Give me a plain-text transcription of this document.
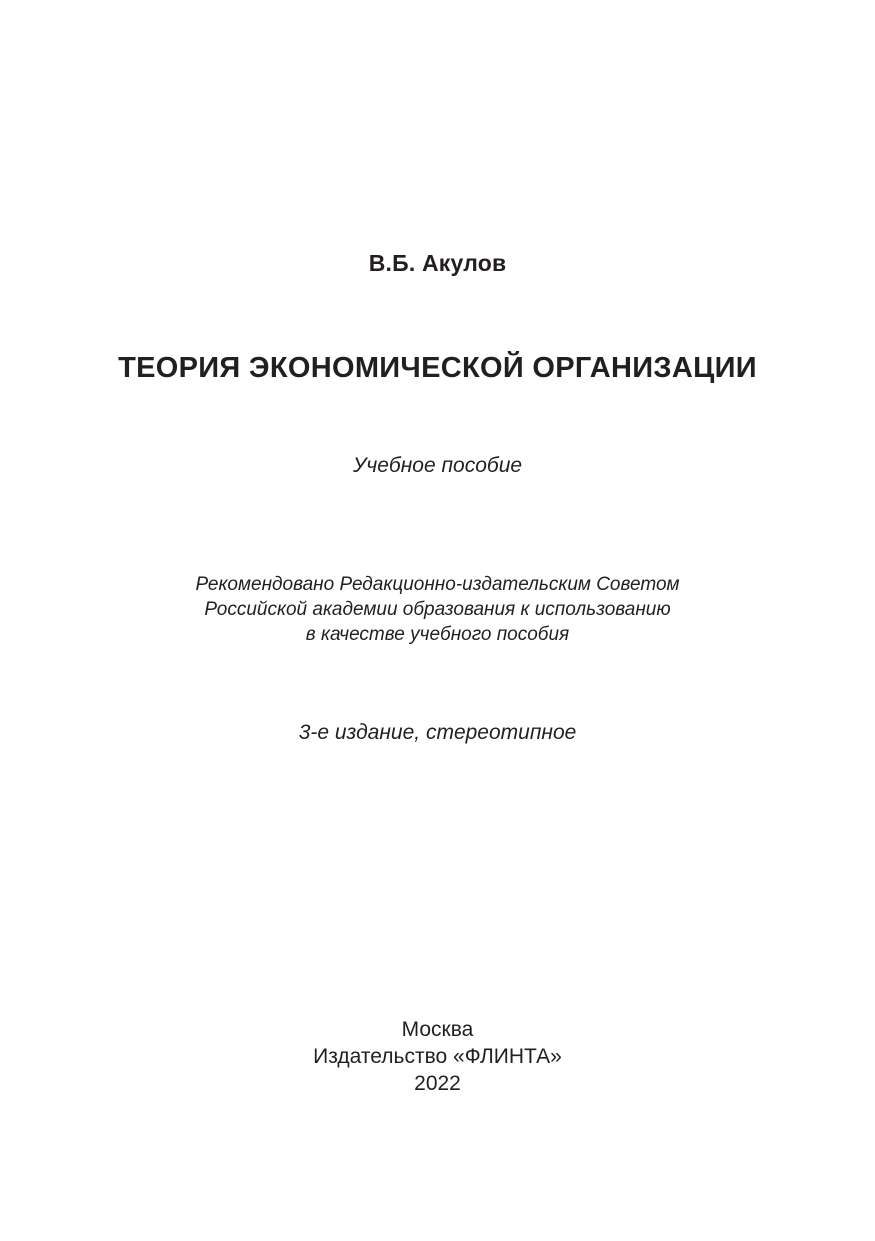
В.Б. Акулов
ТЕОРИЯ ЭКОНОМИЧЕСКОЙ ОРГАНИЗАЦИИ
Учебное пособие
Рекомендовано Редакционно-издательским Советом
Российской академии образования к использованию
в качестве учебного пособия
3-е издание, стереотипное
Москва
Издательство «ФЛИНТА»
2022
